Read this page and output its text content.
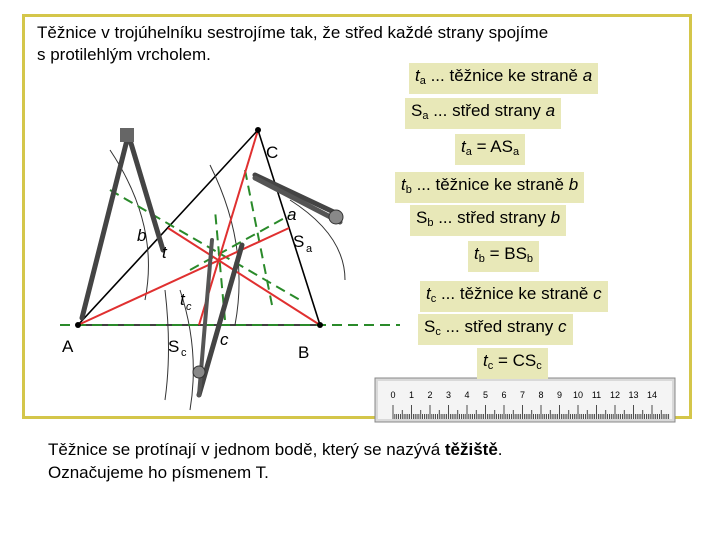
Těžnice v trojúhelníku sestrojíme tak, že střed každé strany spojíme
s protilehlým vrcholem.
A	B
C
a
b
c
S a
S c
t
t c
0 1 2 3 4 5 6 7 8 9 10 11 12 13 14
$t_a$ ... těžnice ke straně a
$S_a$ ... střed strany a
$t_a = AS_a$
$t_b$ ... těžnice ke straně b
$S_b$ ... střed strany b
$t_b = BS_b$
$t_c$ ... těžnice ke straně c
$S_c$ ... střed strany c
$t_c = CS_c$
Těžnice se protínají v jednom bodě, který se nazývá těžiště.
Označujeme ho písmenem T.
